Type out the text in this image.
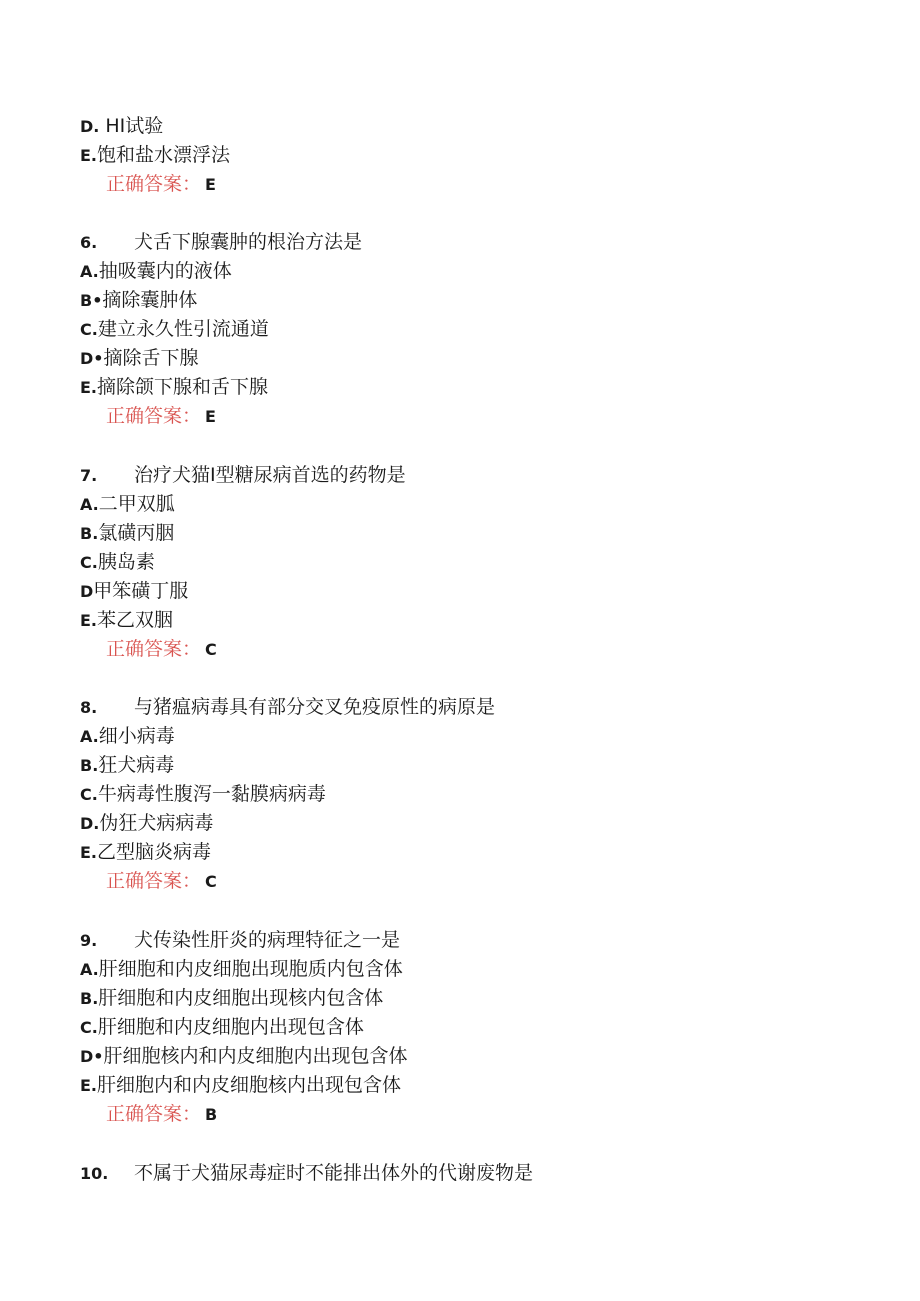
D. HI试验
E.饱和盐水漂浮法
正确答案： E
6. 犬舌下腺囊肿的根治方法是
A.抽吸囊内的液体
B•摘除囊肿体
C.建立永久性引流通道
D•摘除舌下腺
E.摘除颌下腺和舌下腺
正确答案： E
7. 治疗犬猫I型糖尿病首选的药物是
A.二甲双胍
B.氯磺丙胭
C.胰岛素
D甲笨磺丁服
E.苯乙双胭
正确答案： C
8. 与猪瘟病毒具有部分交叉免疫原性的病原是
A.细小病毒
B.狂犬病毒
C.牛病毒性腹泻一黏膜病病毒
D.伪狂犬病病毒
E.乙型脑炎病毒
正确答案： C
9. 犬传染性肝炎的病理特征之一是
A.肝细胞和内皮细胞出现胞质内包含体
B.肝细胞和内皮细胞出现核内包含体
C.肝细胞和内皮细胞内出现包含体
D•肝细胞核内和内皮细胞内出现包含体
E.肝细胞内和内皮细胞核内出现包含体
正确答案： B
10. 不属于犬猫尿毒症时不能排出体外的代谢废物是
